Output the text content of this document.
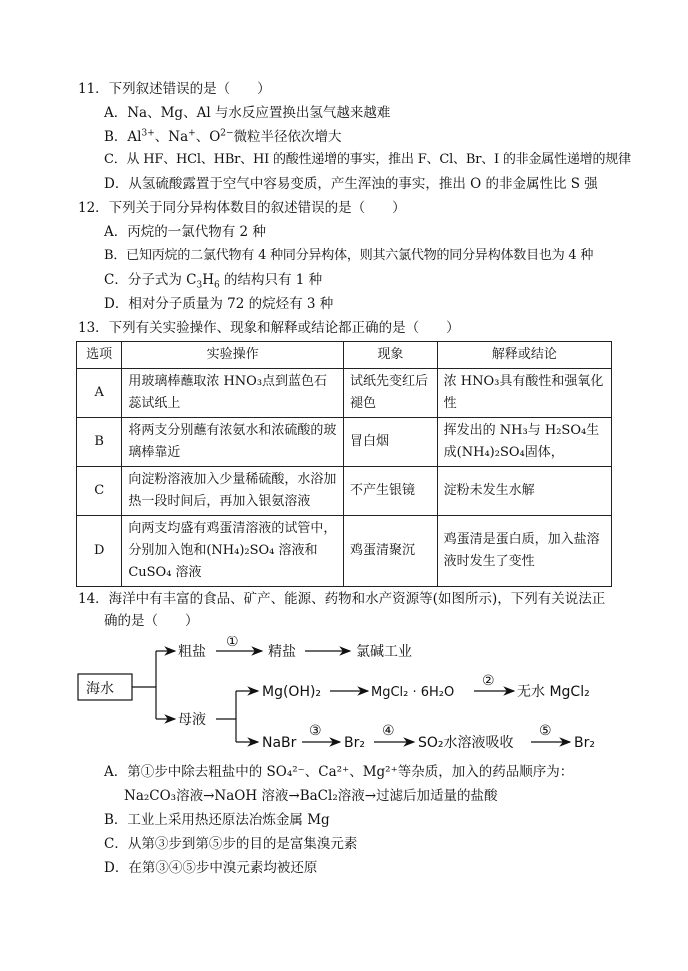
11．下列叙述错误的是（　　）
A．Na、Mg、Al 与水反应置换出氢气越来越难
B．$Al^{3+}$、Na+、$O^{2-}$微粒半径依次增大
C．从 HF、HCl、HBr、HI 的酸性递增的事实，推出 F、Cl、Br、I 的非金属性递增的规律
D．从氢硫酸露置于空气中容易变质，产生浑浊的事实，推出 O 的非金属性比 S 强
12．下列关于同分异构体数目的叙述错误的是（　　）
A．丙烷的一氯代物有 2 种
B．已知丙烷的二氯代物有 4 种同分异构体，则其六氯代物的同分异构体数目也为 4 种
C．分子式为 $C_3H_6$ 的结构只有 1 种
D．相对分子质量为 72 的烷烃有 3 种
13．下列有关实验操作、现象和解释或结论都正确的是（　　）
选项	实验操作	现象	解释或结论
A	用玻璃棒蘸取浓 HNO₃点到蓝色石蕊试纸上	试纸先变红后褪色	浓 HNO₃具有酸性和强氧化性
B	将两支分别蘸有浓氨水和浓硫酸的玻璃棒靠近	冒白烟	挥发出的 NH₃与 H₂SO₄生成(NH₄)₂SO₄固体，
C	向淀粉溶液加入少量稀硫酸，水浴加热一段时间后，再加入银氨溶液	不产生银镜	淀粉未发生水解
D	向两支均盛有鸡蛋清溶液的试管中，分别加入饱和(NH₄)₂SO₄ 溶液和 CuSO₄ 溶液	鸡蛋清聚沉	鸡蛋清是蛋白质，加入盐溶液时发生了变性
14．海洋中有丰富的食品、矿产、能源、药物和水产资源等(如图所示)，下列有关说法正
确的是（　　）
海水
粗盐
①
精盐	氯碱工业
母液
Mg(OH)₂	MgCl₂ · 6H₂O
②
无水 MgCl₂
NaBr
③
Br₂
④
SO₂水溶液吸收
⑤
Br₂
A．第①步中除去粗盐中的 SO₄²⁻、Ca²⁺、Mg²⁺等杂质，加入的药品顺序为：
Na₂CO₃溶液→NaOH 溶液→BaCl₂溶液→过滤后加适量的盐酸
B．工业上采用热还原法冶炼金属 Mg
C．从第③步到第⑤步的目的是富集溴元素
D．在第③④⑤步中溴元素均被还原
